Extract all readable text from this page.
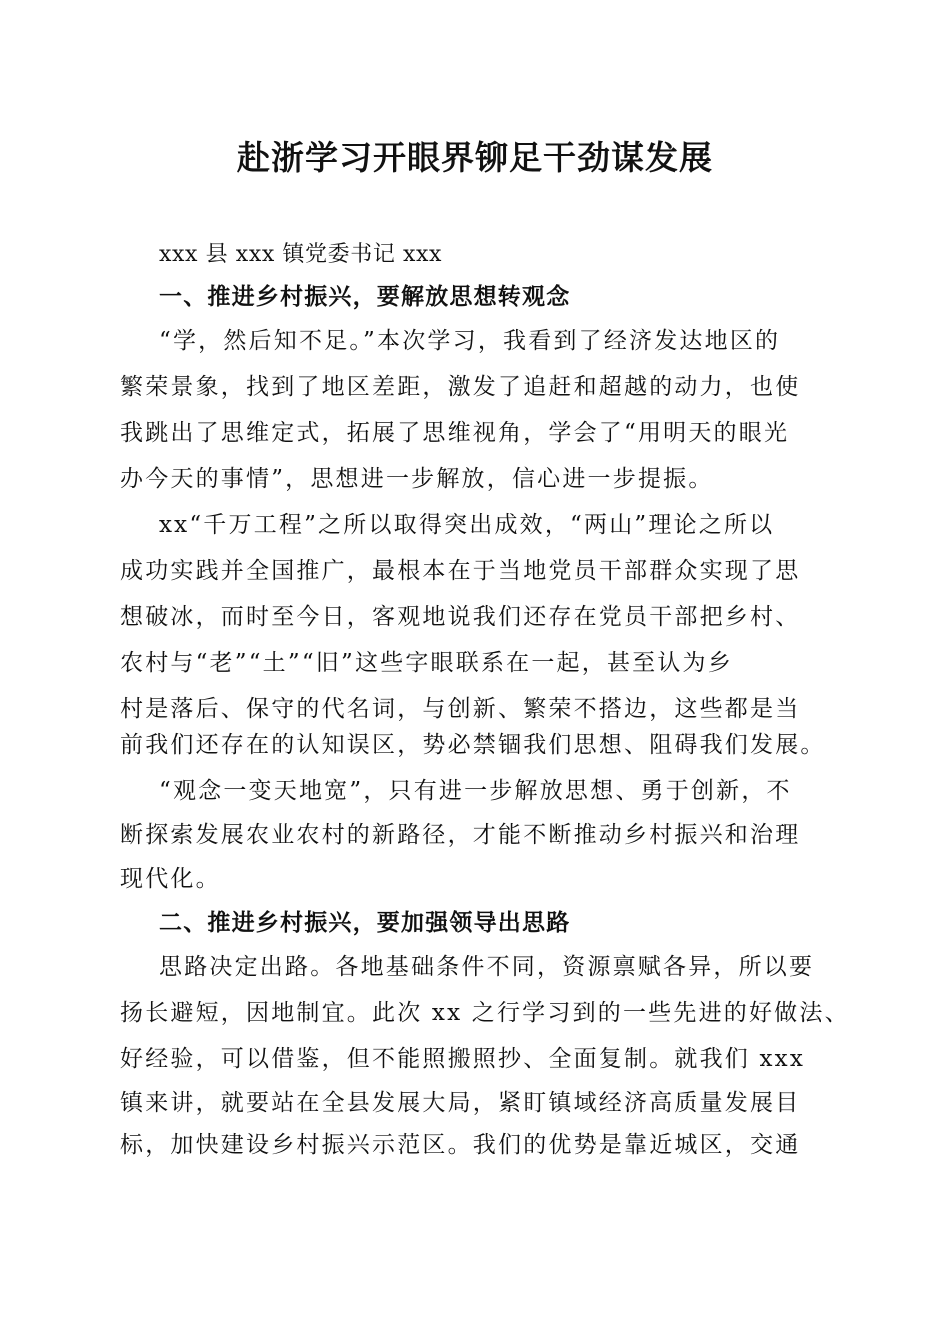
赴浙学习开眼界铆足干劲谋发展

xxx 县 xxx 镇党委书记 xxx

一、推进乡村振兴，要解放思想转观念

“学，然后知不足。”本次学习，我看到了经济发达地区的

繁荣景象，找到了地区差距，激发了追赶和超越的动力，也使

我跳出了思维定式，拓展了思维视角，学会了“用明天的眼光

办今天的事情”，思想进一步解放，信心进一步提振。

xx“千万工程”之所以取得突出成效，“两山”理论之所以

成功实践并全国推广，最根本在于当地党员干部群众实现了思

想破冰，而时至今日，客观地说我们还存在党员干部把乡村、

农村与“老”“土”“旧”这些字眼联系在一起，甚至认为乡

村是落后、保守的代名词，与创新、繁荣不搭边，这些都是当

前我们还存在的认知误区，势必禁锢我们思想、阻碍我们发展。

“观念一变天地宽”，只有进一步解放思想、勇于创新，不

断探索发展农业农村的新路径，才能不断推动乡村振兴和治理

现代化。

二、推进乡村振兴，要加强领导出思路

思路决定出路。各地基础条件不同，资源禀赋各异，所以要

扬长避短，因地制宜。此次 xx 之行学习到的一些先进的好做法、

好经验，可以借鉴，但不能照搬照抄、全面复制。就我们 xxx

镇来讲，就要站在全县发展大局，紧盯镇域经济高质量发展目

标，加快建设乡村振兴示范区。我们的优势是靠近城区，交通
